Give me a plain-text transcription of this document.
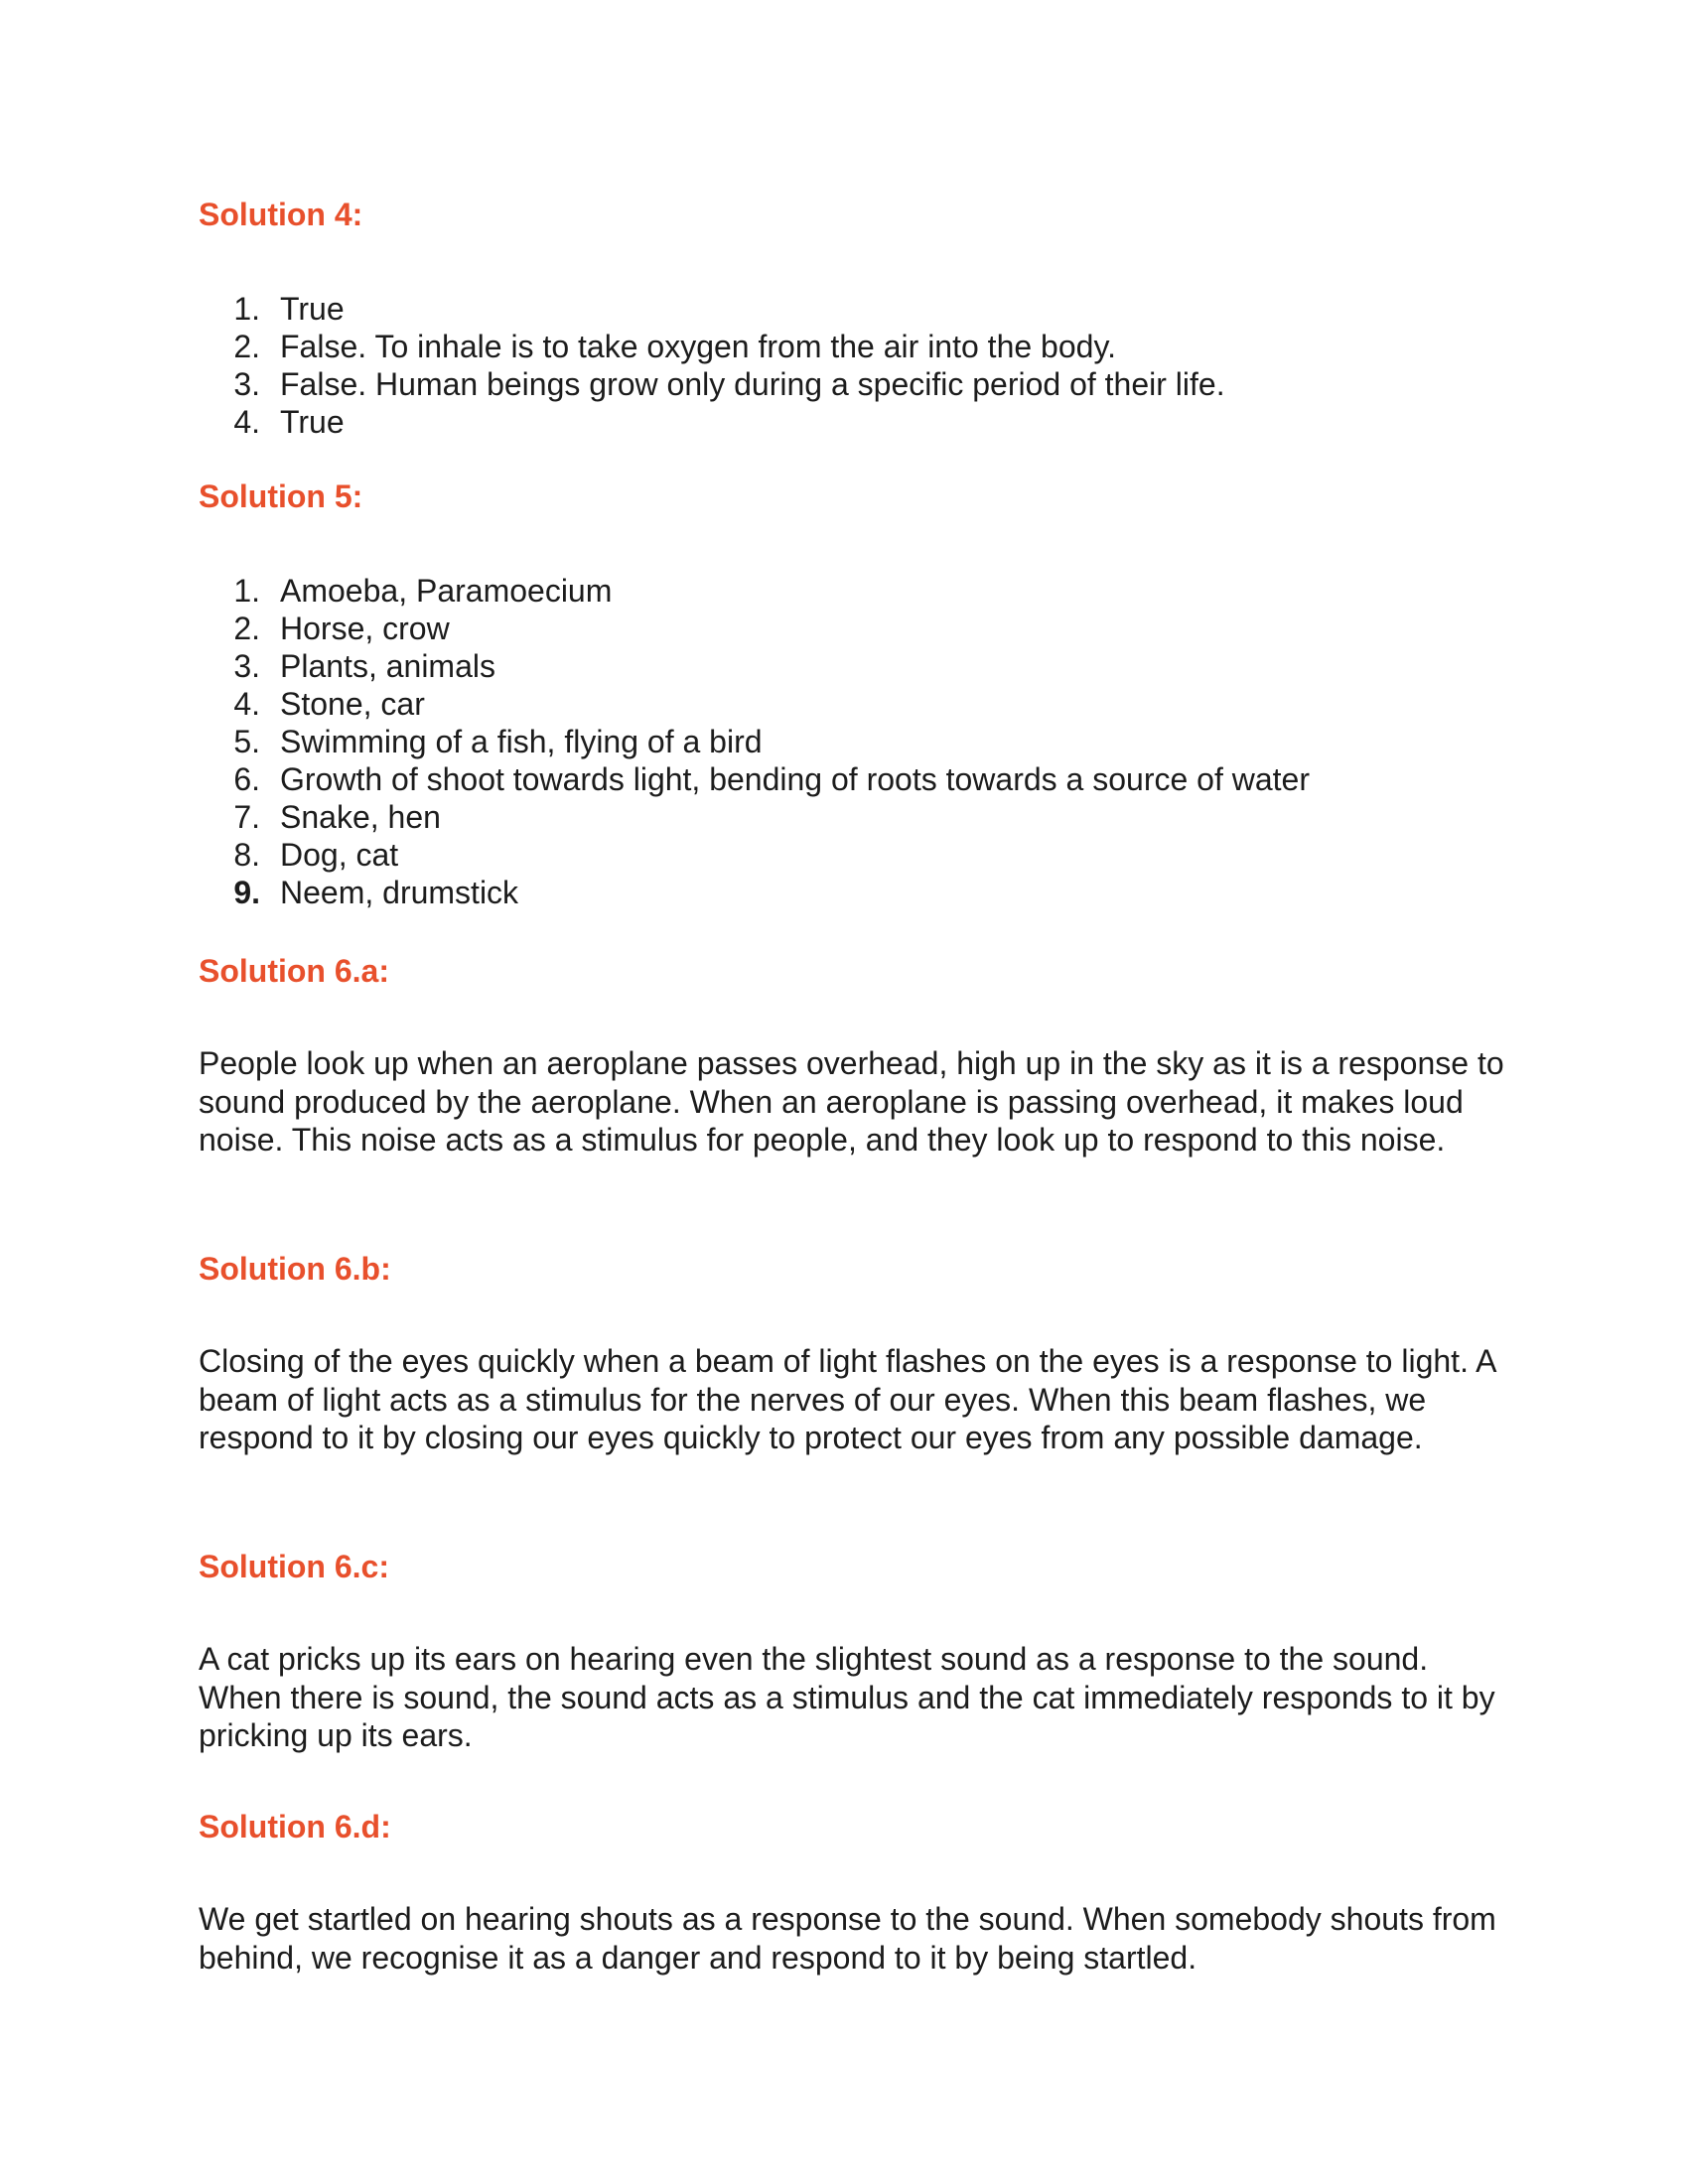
Solution 4:
1. True
2. False. To inhale is to take oxygen from the air into the body.
3. False. Human beings grow only during a specific period of their life.
4. True
Solution 5:
1. Amoeba, Paramoecium
2. Horse, crow
3. Plants, animals
4. Stone, car
5. Swimming of a fish, flying of a bird
6. Growth of shoot towards light, bending of roots towards a source of water
7. Snake, hen
8. Dog, cat
9. Neem, drumstick
Solution 6.a:

People look up when an aeroplane passes overhead, high up in the sky as it is a response to sound produced by the aeroplane. When an aeroplane is passing overhead, it makes loud noise. This noise acts as a stimulus for people, and they look up to respond to this noise.

Solution 6.b:

Closing of the eyes quickly when a beam of light flashes on the eyes is a response to light. A beam of light acts as a stimulus for the nerves of our eyes. When this beam flashes, we respond to it by closing our eyes quickly to protect our eyes from any possible damage.

Solution 6.c:

A cat pricks up its ears on hearing even the slightest sound as a response to the sound. When there is sound, the sound acts as a stimulus and the cat immediately responds to it by pricking up its ears.

Solution 6.d:

We get startled on hearing shouts as a response to the sound. When somebody shouts from behind, we recognise it as a danger and respond to it by being startled.
